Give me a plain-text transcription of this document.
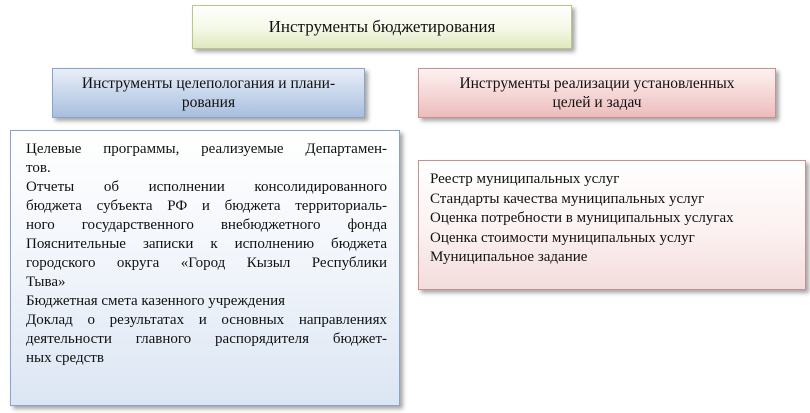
Инструменты бюджетирования
Инструменты целепологания и плани-
рования
Инструменты реализации установленных
целей и задач
Целевые программы, реализуемые Департамен-
тов.
Отчеты об исполнении консолидированного
бюджета субъекта РФ и бюджета территориаль-
ного государственного внебюджетного фонда
Пояснительные записки к исполнению бюджета
городского округа «Город Кызыл Республики
Тыва»
Бюджетная смета казенного учреждения
Доклад о результатах и основных направлениях
деятельности главного распорядителя бюджет-
ных средств
Реестр муниципальных услуг
Стандарты качества муниципальных услуг
Оценка потребности в муниципальных услугах
Оценка стоимости муниципальных услуг
Муниципальное задание
